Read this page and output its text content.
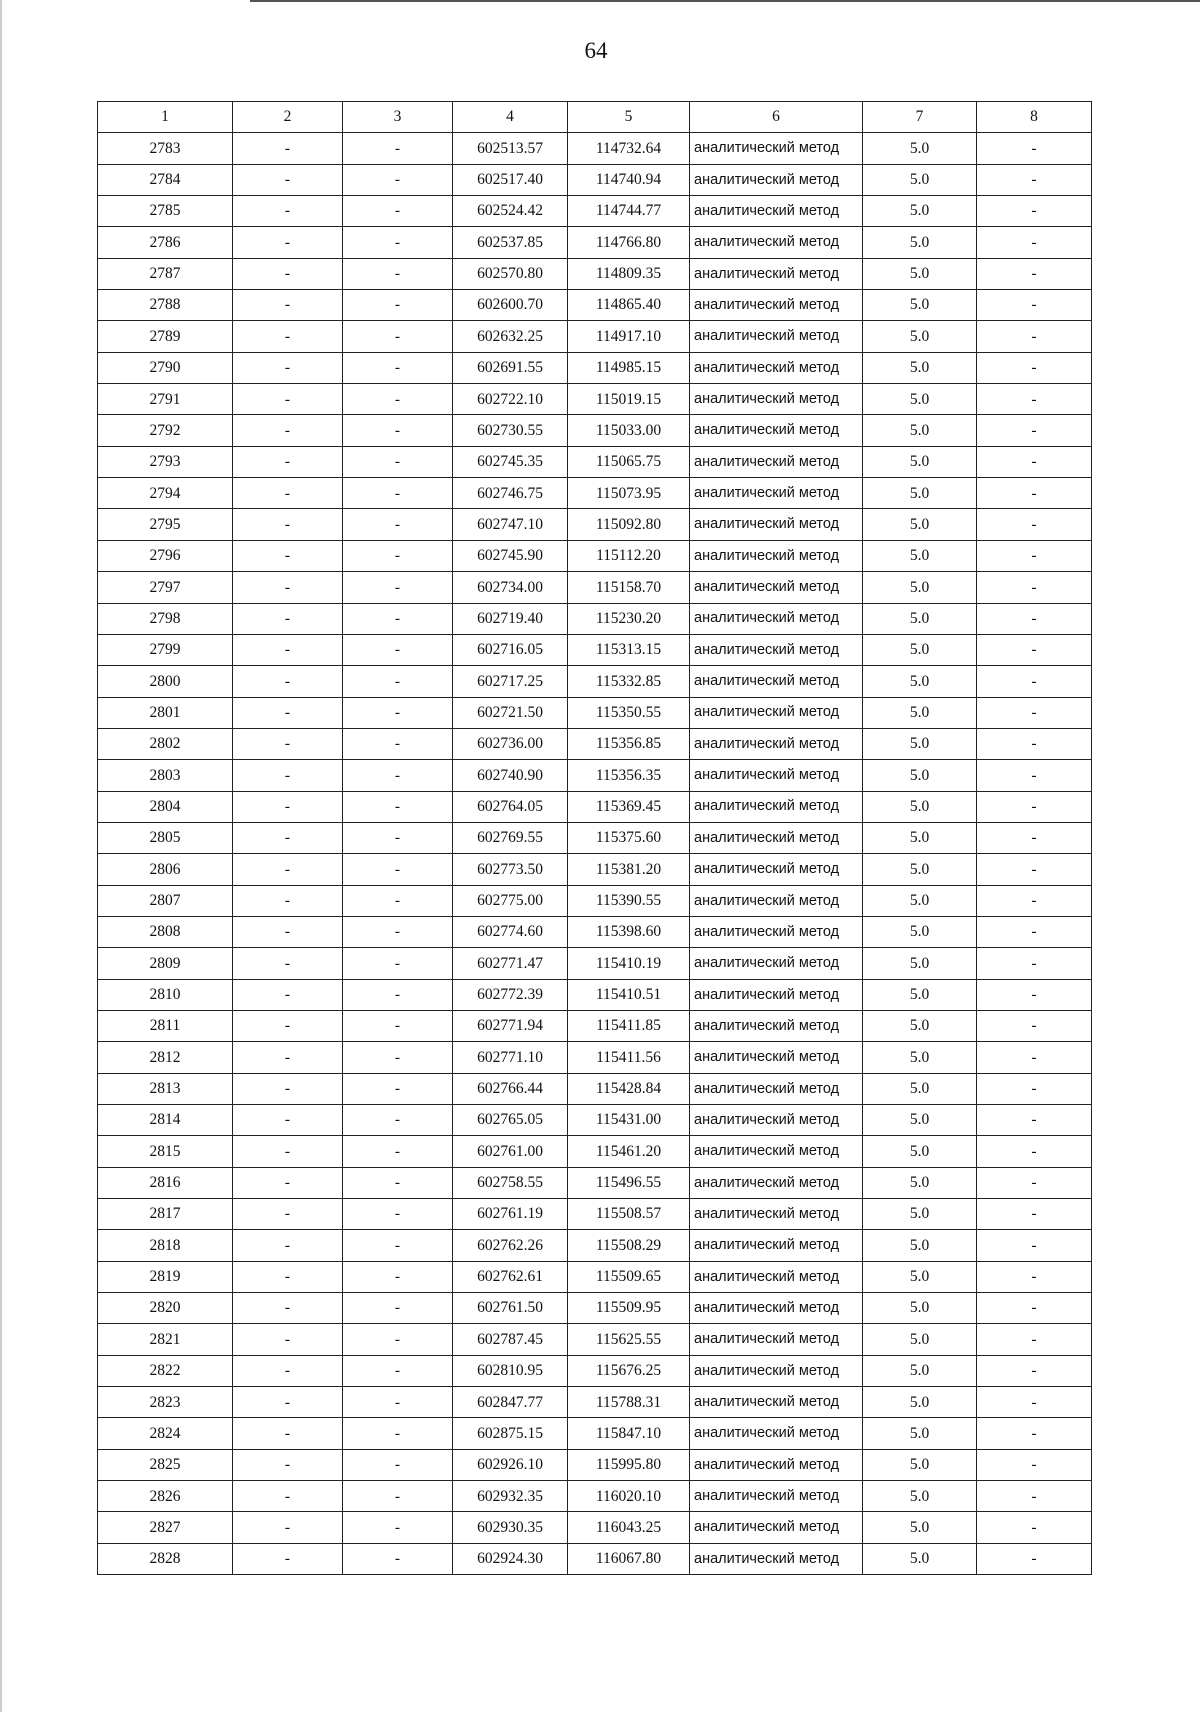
64
1	2	3	4	5	6	7	8
2783	-	-	602513.57	114732.64	аналитический метод	5.0	-
2784	-	-	602517.40	114740.94	аналитический метод	5.0	-
2785	-	-	602524.42	114744.77	аналитический метод	5.0	-
2786	-	-	602537.85	114766.80	аналитический метод	5.0	-
2787	-	-	602570.80	114809.35	аналитический метод	5.0	-
2788	-	-	602600.70	114865.40	аналитический метод	5.0	-
2789	-	-	602632.25	114917.10	аналитический метод	5.0	-
2790	-	-	602691.55	114985.15	аналитический метод	5.0	-
2791	-	-	602722.10	115019.15	аналитический метод	5.0	-
2792	-	-	602730.55	115033.00	аналитический метод	5.0	-
2793	-	-	602745.35	115065.75	аналитический метод	5.0	-
2794	-	-	602746.75	115073.95	аналитический метод	5.0	-
2795	-	-	602747.10	115092.80	аналитический метод	5.0	-
2796	-	-	602745.90	115112.20	аналитический метод	5.0	-
2797	-	-	602734.00	115158.70	аналитический метод	5.0	-
2798	-	-	602719.40	115230.20	аналитический метод	5.0	-
2799	-	-	602716.05	115313.15	аналитический метод	5.0	-
2800	-	-	602717.25	115332.85	аналитический метод	5.0	-
2801	-	-	602721.50	115350.55	аналитический метод	5.0	-
2802	-	-	602736.00	115356.85	аналитический метод	5.0	-
2803	-	-	602740.90	115356.35	аналитический метод	5.0	-
2804	-	-	602764.05	115369.45	аналитический метод	5.0	-
2805	-	-	602769.55	115375.60	аналитический метод	5.0	-
2806	-	-	602773.50	115381.20	аналитический метод	5.0	-
2807	-	-	602775.00	115390.55	аналитический метод	5.0	-
2808	-	-	602774.60	115398.60	аналитический метод	5.0	-
2809	-	-	602771.47	115410.19	аналитический метод	5.0	-
2810	-	-	602772.39	115410.51	аналитический метод	5.0	-
2811	-	-	602771.94	115411.85	аналитический метод	5.0	-
2812	-	-	602771.10	115411.56	аналитический метод	5.0	-
2813	-	-	602766.44	115428.84	аналитический метод	5.0	-
2814	-	-	602765.05	115431.00	аналитический метод	5.0	-
2815	-	-	602761.00	115461.20	аналитический метод	5.0	-
2816	-	-	602758.55	115496.55	аналитический метод	5.0	-
2817	-	-	602761.19	115508.57	аналитический метод	5.0	-
2818	-	-	602762.26	115508.29	аналитический метод	5.0	-
2819	-	-	602762.61	115509.65	аналитический метод	5.0	-
2820	-	-	602761.50	115509.95	аналитический метод	5.0	-
2821	-	-	602787.45	115625.55	аналитический метод	5.0	-
2822	-	-	602810.95	115676.25	аналитический метод	5.0	-
2823	-	-	602847.77	115788.31	аналитический метод	5.0	-
2824	-	-	602875.15	115847.10	аналитический метод	5.0	-
2825	-	-	602926.10	115995.80	аналитический метод	5.0	-
2826	-	-	602932.35	116020.10	аналитический метод	5.0	-
2827	-	-	602930.35	116043.25	аналитический метод	5.0	-
2828	-	-	602924.30	116067.80	аналитический метод	5.0	-
